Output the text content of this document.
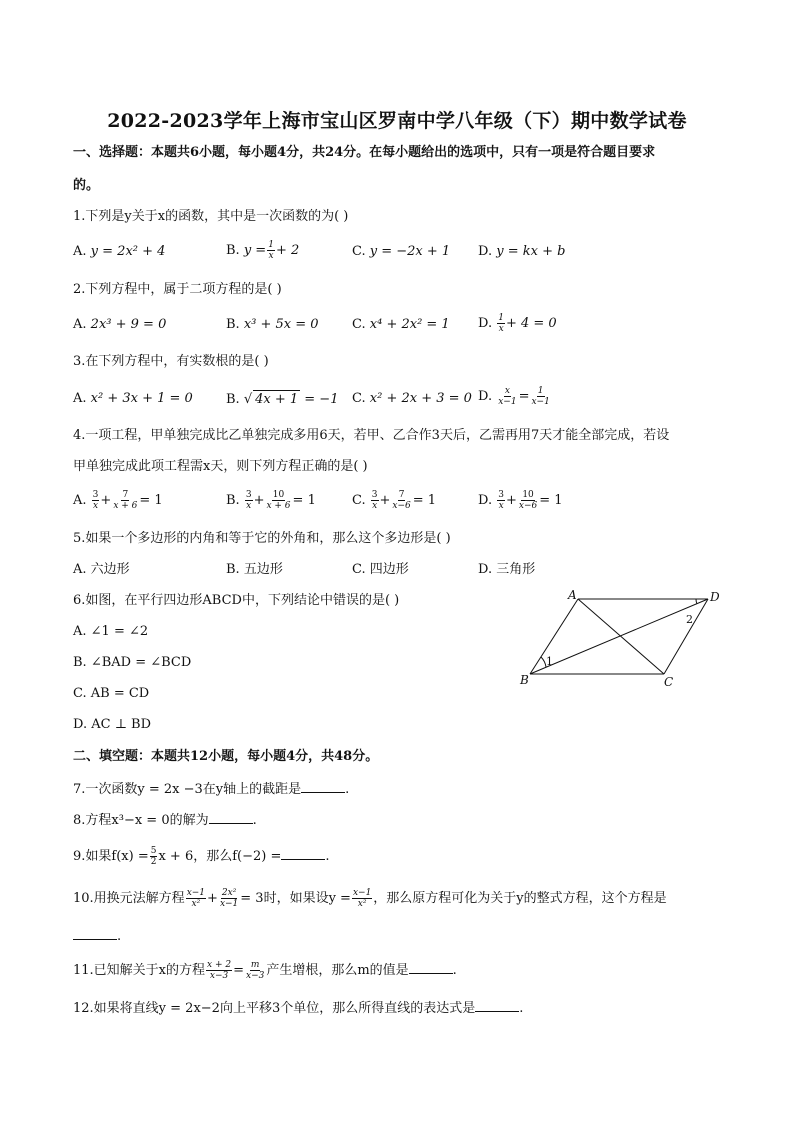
2022-2023学年上海市宝山区罗南中学八年级（下）期中数学试卷
一、选择题：本题共6小题，每小题4分，共24分。在每小题给出的选项中，只有一项是符合题目要求
的。
1.下列是y关于x的函数，其中是一次函数的为( )
A. y = 2x² + 4	B. $y = \frac{1}{x} + 2$	C. y = −2x + 1 D. y = kx + b
2.下列方程中，属于二项方程的是( )
A. 2x³ + 9 = 0	B. x³ + 5x = 0	C. x⁴ + 2x² = 1 D. $\frac{1}{x} + 4 = 0$
3.在下列方程中，有实数根的是( )
A. x² + 3x + 1 = 0	B. √ 4x + 1 = −1 C. x² + 2x + 3 = 0 D. $\frac{x}{x-1} = \frac{1}{x-1}$
4.一项工程，甲单独完成比乙单独完成多用6天，若甲、乙合作3天后，乙需再用7天才能全部完成，若设
甲单独完成此项工程需x天，则下列方程正确的是( )
A. $\frac{3}{x} + \frac{7}{x + 6} = 1$	B. $\frac{3}{x} + \frac{10}{x + 6} = 1$	C. $\frac{3}{x} + \frac{7}{x-6} = 1$	D. $\frac{3}{x} + \frac{10}{x-6} = 1$
5.如果一个多边形的内角和等于它的外角和，那么这个多边形是( )
A. 六边形	B. 五边形	C. 四边形	D. 三角形
6.如图，在平行四边形ABCD中，下列结论中错误的是( )
A. ∠1 = ∠2
B. ∠BAD = ∠BCD
C. AB = CD
D. AC ⊥ BD
A	D
B	C
1
2
二、填空题：本题共12小题，每小题4分，共48分。
7.一次函数y = 2x −3在y轴上的截距是	.
8.方程x³−x = 0的解为	.
9.如果$f(x) = \frac{5}{2}$ x + 6，那么f(−2) =	.
10.用换元法解方程 $\frac{x-1}{\text{x²}} + \frac{\text{2x²}}{x-1} = 3$时，如果设$y = \frac{x-1}{\text{x²}}$ ，那么原方程可化为关于y的整式方程，这个方程是
.
11.已知解关于x的方程 $\frac{x + 2}{x-3} = \frac{m}{x-3}$ 产生增根，那么m的值是	.
12.如果将直线y = 2x−2向上平移3个单位，那么所得直线的表达式是	.
